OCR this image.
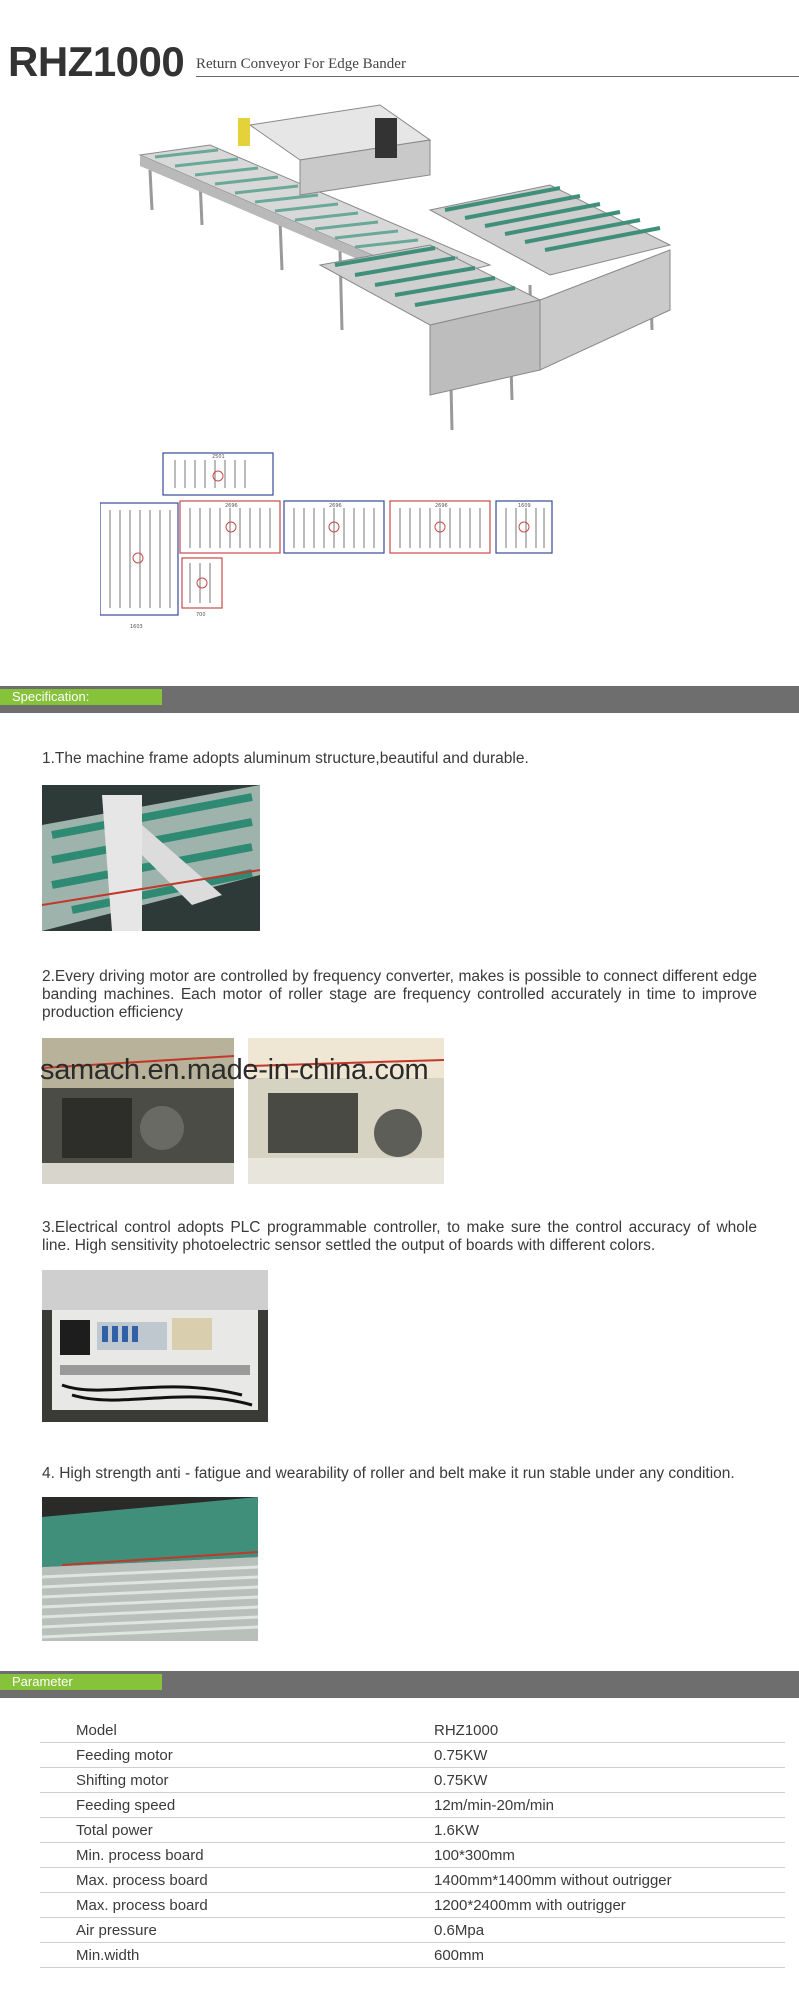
RHZ1000 Return Conveyor For Edge Bander
2501
2696	2696	2696	1609
1603
700
Specification:
1.The machine frame adopts aluminum structure,beautiful and durable.
2.Every driving motor are controlled by frequency converter, makes is possible to connect different edge banding machines. Each motor of roller stage are frequency controlled accurately in time to improve production efficiency
samach.en.made-in-china.com
3.Electrical control adopts PLC programmable controller, to make sure the control accuracy of whole line. High sensitivity photoelectric sensor settled the output of boards with different colors.
4. High strength anti - fatigue and wearability of roller and belt make it run stable under any condition.
Parameter
Model	RHZ1000
Feeding motor	0.75KW
Shifting motor	0.75KW
Feeding speed	12m/min-20m/min
Total power	1.6KW
Min. process board	100*300mm
Max. process board	1400mm*1400mm without outrigger
Max. process board	1200*2400mm with outrigger
Air pressure	0.6Mpa
Min.width	600mm
